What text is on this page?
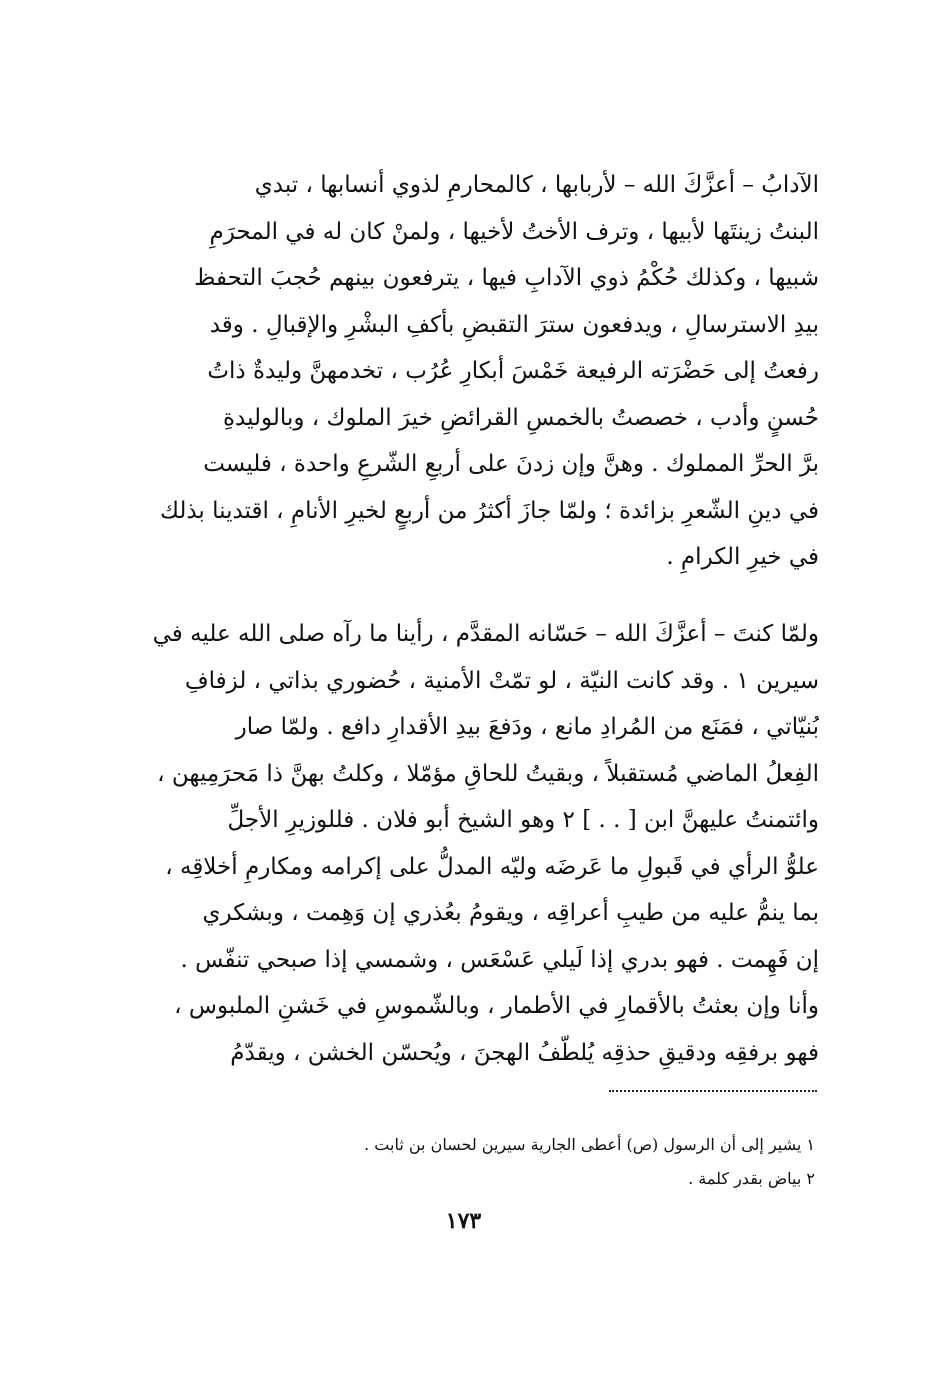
الآدابُ – أعزَّكَ الله – لأربابها ، كالمحارمِ لذوي أنسابها ، تبدي
البنتُ زينتَها لأبيها ، وترف الأختُ لأخيها ، ولمنْ كان له في المحرَمِ
شبيها ، وكذلك حُكْمُ ذوي الآدابِ فيها ، يترفعون بينهم حُجبَ التحفظ
بيدِ الاسترسالِ ، ويدفعون سترَ التقبضِ بأكفِ البشْرِ والإقبالِ . وقد
رفعتُ إلى حَضْرَته الرفيعة خَمْسَ أبكارِ عُرُب ، تخدمهنَّ وليدةٌ ذاتُ
حُسنٍ وأدب ، خصصتُ بالخمسِ القرائضِ خيرَ الملوك ، وبالوليدةِ
برَّ الحرِّ المملوك . وهنَّ وإن زدنَ على أربعِ الشّرعِ واحدة ، فليست
في دينِ الشّعرِ بزائدة ؛ ولمّا جازَ أكثرُ من أربعٍ لخيرِ الأنامِ ، اقتدينا بذلك
في خيرِ الكرامِ .
ولمّا كنتَ – أعزَّكَ الله – حَسّانه المقدَّم ، رأينا ما رآه صلى الله عليه في
سيرين ١ . وقد كانت النيّة ، لو تمّتْ الأمنية ، حُضوري بذاتي ، لزفافِ
بُنيّاتي ، فمَنَع من المُرادِ مانع ، ودَفعَ بيدِ الأقدارِ دافع . ولمّا صار
الفِعلُ الماضي مُستقبلاً ، وبقيتُ للحاقِ مؤمّلا ، وكلتُ بهنَّ ذا مَحرَمِيهن ،
وائتمنتُ عليهنَّ ابن [ . . ] ٢ وهو الشيخ أبو فلان . فللوزيرِ الأجلِّ
علوُّ الرأي في قَبولِ ما عَرضَه وليّه المدلُّ على إكرامه ومكارمِ أخلاقِه ،
بما ينمُّ عليه من طيبِ أعراقِه ، ويقومُ بعُذري إن وَهِمت ، وبشكري
إن فَهِمت . فهو بدري إذا لَيلي عَسْعَس ، وشمسي إذا صبحي تنفّس .
وأنا وإن بعثتُ بالأقمارِ في الأطمار ، وبالشّموسِ في خَشنِ الملبوس ،
فهو برفقِه ودقيقِ حذقِه يُلطّفُ الهجنَ ، ويُحسّن الخشن ، ويقدّمُ
١ يشير إلى أن الرسول (ص) أعطى الجارية سيرين لحسان بن ثابت .
٢ بياض بقدر كلمة .
١٧٣
